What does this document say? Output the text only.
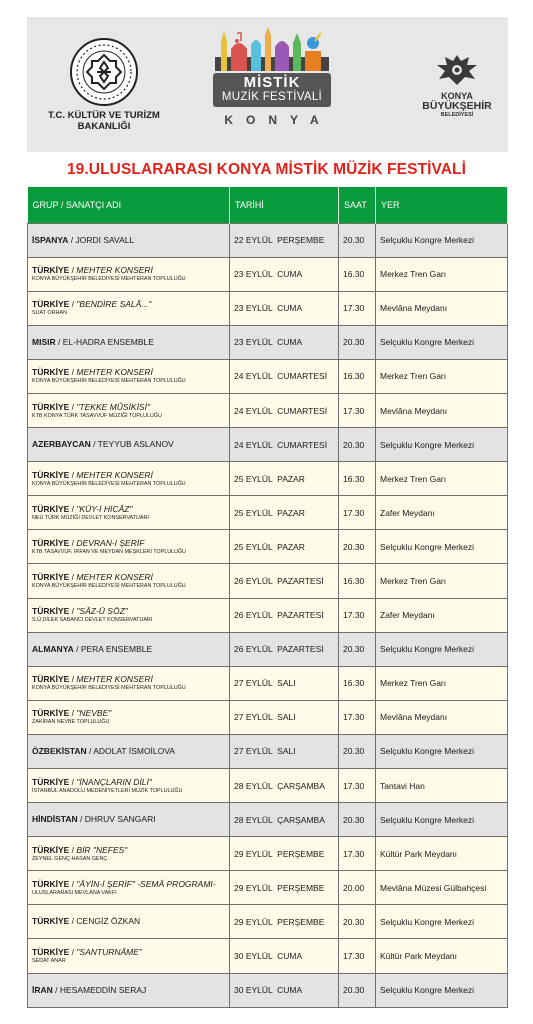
T.C. KÜLTÜR VE TURİZM
BAKANLIĞI
MİSTİK
MUZİK FESTİVALİ
KONYA
KONYA
BÜYÜKŞEHİR
BELEDİYESİ
19.ULUSLARARASI KONYA MİSTİK MÜZİK FESTİVALİ
GRUP / SANATÇI ADI	TARİHİ	SAAT	YER

İSPANYA / JORDI SAVALL	22 EYLÜL  PERŞEMBE	20.30	Selçuklu Kongre Merkezi

TÜRKİYE / MEHTER KONSERİ
KONYA BÜYÜKŞEHİR BELEDİYESİ MEHTERAN TOPLULUĞU	23 EYLÜL  CUMA	16.30	Merkez Tren Garı

TÜRKİYE / "BENDİRE SALÂ..."
SUAT ORHAN	23 EYLÜL  CUMA	17.30	Mevlâna Meydanı

MISIR / EL-HADRA ENSEMBLE	23 EYLÜL  CUMA	20.30	Selçuklu Kongre Merkezi

TÜRKİYE / MEHTER KONSERİ
KONYA BÜYÜKŞEHİR BELEDİYESİ MEHTERAN TOPLULUĞU	24 EYLÜL  CUMARTESİ	16.30	Merkez Tren Garı

TÜRKİYE / "TEKKE MÛSİKİSİ"
KTB KONYA TÜRK TASAVVUF MÜZİĞİ TOPLULUĞU	24 EYLÜL  CUMARTESİ	17.30	Mevlâna Meydanı

AZERBAYCAN / TEYYUB ASLANOV	24 EYLÜL  CUMARTESİ	20.30	Selçuklu Kongre Merkezi

TÜRKİYE / MEHTER KONSERİ
KONYA BÜYÜKŞEHİR BELEDİYESİ MEHTERAN TOPLULUĞU	25 EYLÜL  PAZAR	16.30	Merkez Tren Garı

TÜRKİYE / "KÜY-İ HİCÂZ"
NEÜ TÜRK MÜZİĞİ DEVLET KONSERVATUARI	25 EYLÜL  PAZAR	17.30	Zafer Meydanı

TÜRKİYE / DEVRAN-I ŞERİF
KTB TASAVVUF, İRFAN VE MEYDAN MEŞKLERİ TOPLULUĞU	25 EYLÜL  PAZAR	20.30	Selçuklu Kongre Merkezi

TÜRKİYE / MEHTER KONSERİ
KONYA BÜYÜKŞEHİR BELEDİYESİ MEHTERAN TOPLULUĞU	26 EYLÜL  PAZARTESİ	16.30	Merkez Tren Garı

TÜRKİYE / "SÂZ-Ü SÖZ"
S.Ü.DİLEK SABANCI DEVLET KONSERVATUARI	26 EYLÜL  PAZARTESİ	17.30	Zafer Meydanı

ALMANYA / PERA ENSEMBLE	26 EYLÜL  PAZARTESİ	20.30	Selçuklu Kongre Merkezi

TÜRKİYE / MEHTER KONSERİ
KONYA BÜYÜKŞEHİR BELEDİYESİ MEHTERAN TOPLULUĞU	27 EYLÜL  SALI	16.30	Merkez Tren Garı

TÜRKİYE / "NEVBE"
ZAKİRAN NEVBE TOPLULUĞU	27 EYLÜL  SALI	17.30	Mevlâna Meydanı

ÖZBEKİSTAN / ADOLAT İSMOİLOVA	27 EYLÜL  SALI	20.30	Selçuklu Kongre Merkezi

TÜRKİYE / "İNANÇLARIN DİLİ"
İSTANBUL ANADOLU MEDENİYETLERİ MÜZİK TOPLULUĞU	28 EYLÜL  ÇARŞAMBA	17.30	Tantavi Han

HİNDİSTAN / DHRUV SANGARI	28 EYLÜL  ÇARŞAMBA	20.30	Selçuklu Kongre Merkezi

TÜRKİYE / BİR "NEFES"
ZEYNEL GENÇ-HASAN GENÇ	29 EYLÜL  PERŞEMBE	17.30	Kültür Park Meydanı

TÜRKİYE / "ÂYİN-İ ŞERİF" -SEMÂ PROGRAMI-
ULUSLARARASI MEVLÂNA VAKFI	29 EYLÜL  PERŞEMBE	20.00	Mevlâna Müzesi Gülbahçesi

TÜRKİYE / CENGİZ ÖZKAN	29 EYLÜL  PERŞEMBE	20.30	Selçuklu Kongre Merkezi

TÜRKİYE / "SANTURNÂME"
SEDAT ANAR	30 EYLÜL  CUMA	17.30	Kültür Park Meydanı

İRAN / HESAMEDDİN SERAJ	30 EYLÜL  CUMA	20.30	Selçuklu Kongre Merkezi
